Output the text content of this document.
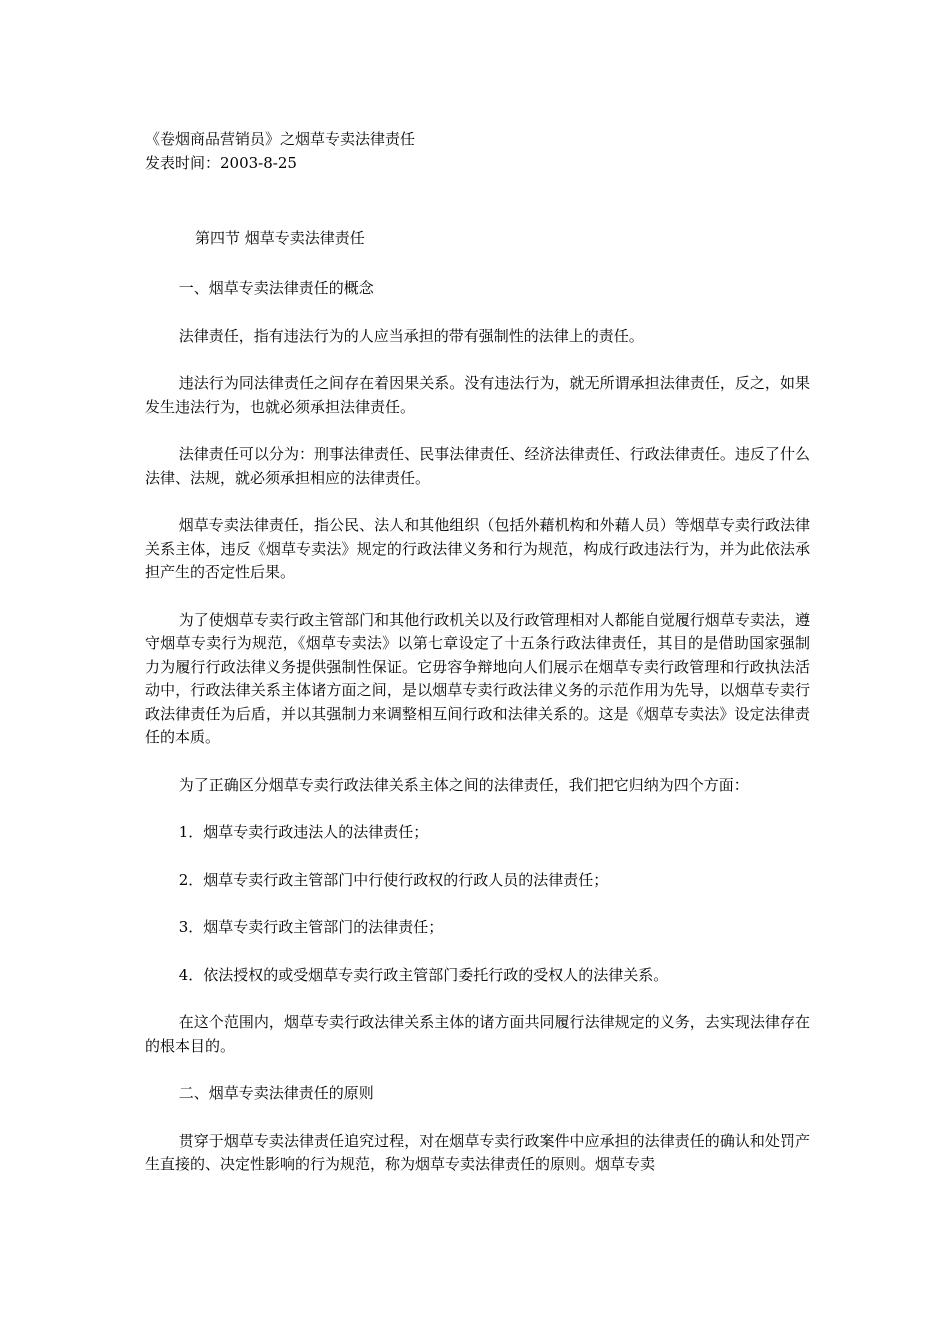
《卷烟商品营销员》之烟草专卖法律责任
发表时间：2003-8-25
第四节 烟草专卖法律责任

一、烟草专卖法律责任的概念

法律责任，指有违法行为的人应当承担的带有强制性的法律上的责任。

违法行为同法律责任之间存在着因果关系。没有违法行为，就无所谓承担法律责任，反之，如果发生违法行为，也就必须承担法律责任。

法律责任可以分为：刑事法律责任、民事法律责任、经济法律责任、行政法律责任。违反了什么法律、法规，就必须承担相应的法律责任。

烟草专卖法律责任，指公民、法人和其他组织（包括外藉机构和外藉人员）等烟草专卖行政法律关系主体，违反《烟草专卖法》规定的行政法律义务和行为规范，构成行政违法行为，并为此依法承担产生的否定性后果。

为了使烟草专卖行政主管部门和其他行政机关以及行政管理相对人都能自觉履行烟草专卖法，遵守烟草专卖行为规范，《烟草专卖法》以第七章设定了十五条行政法律责任，其目的是借助国家强制力为履行行政法律义务提供强制性保证。它毋容争辩地向人们展示在烟草专卖行政管理和行政执法活动中，行政法律关系主体诸方面之间，是以烟草专卖行政法律义务的示范作用为先导，以烟草专卖行政法律责任为后盾，并以其强制力来调整相互间行政和法律关系的。这是《烟草专卖法》设定法律责任的本质。

为了正确区分烟草专卖行政法律关系主体之间的法律责任，我们把它归纳为四个方面：

1．烟草专卖行政违法人的法律责任；

2．烟草专卖行政主管部门中行使行政权的行政人员的法律责任；

3．烟草专卖行政主管部门的法律责任；

4．依法授权的或受烟草专卖行政主管部门委托行政的受权人的法律关系。

在这个范围内，烟草专卖行政法律关系主体的诸方面共同履行法律规定的义务，去实现法律存在的根本目的。

二、烟草专卖法律责任的原则

贯穿于烟草专卖法律责任追究过程，对在烟草专卖行政案件中应承担的法律责任的确认和处罚产生直接的、决定性影响的行为规范，称为烟草专卖法律责任的原则。烟草专卖
